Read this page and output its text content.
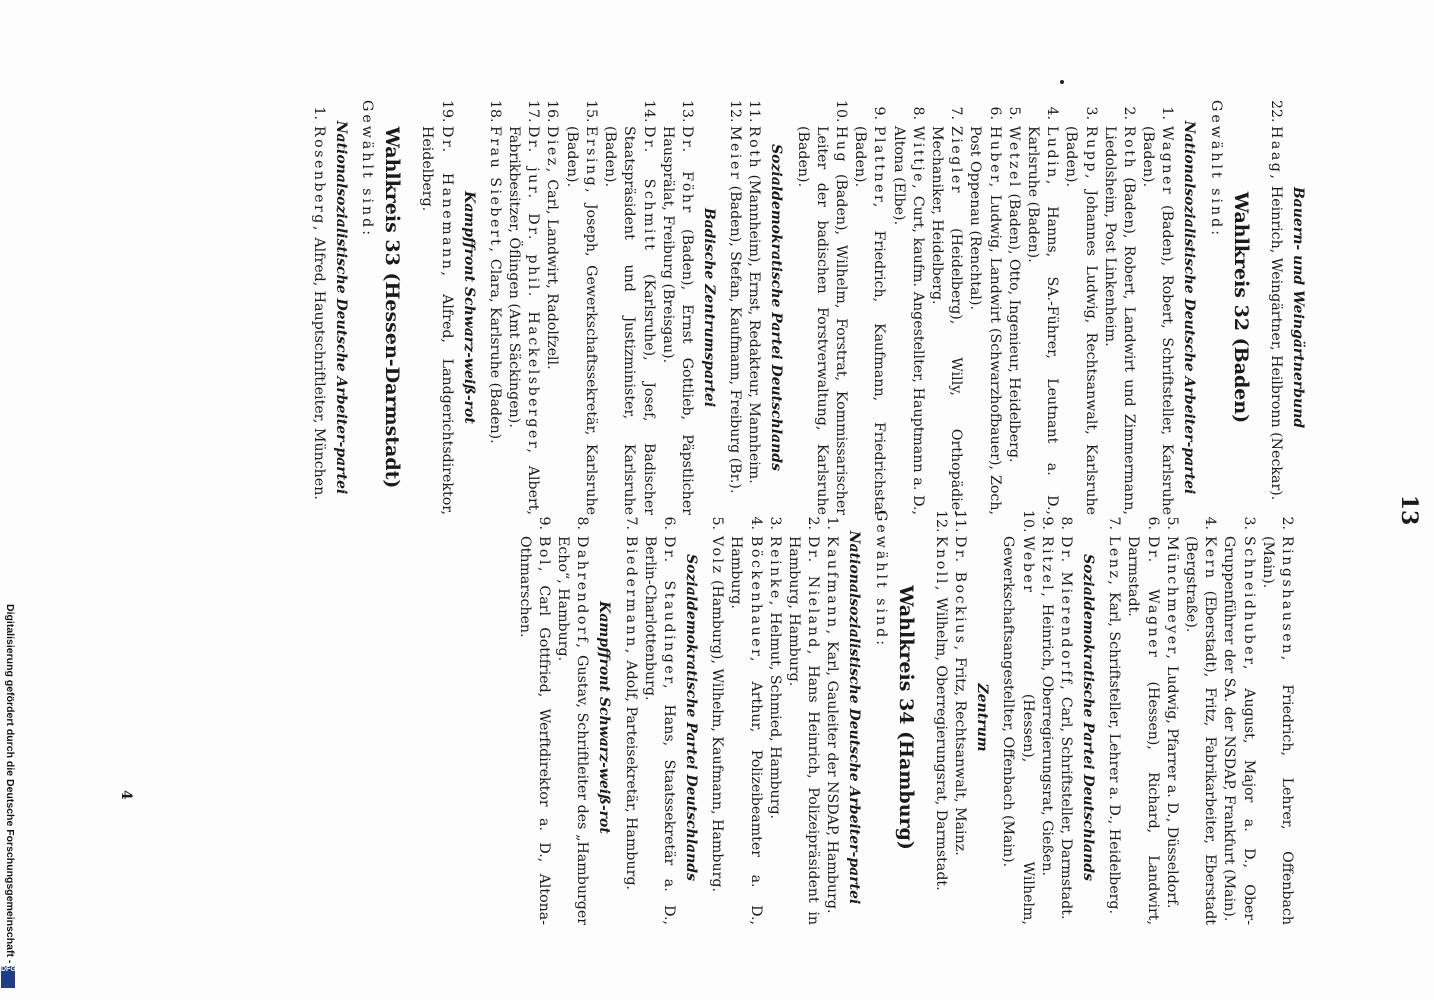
13
Bauern- und Weingärtnerbund
22.
Haag, Heinrich, Weingärtner, Heilbronn (Neckar).
Wahlkreis 32 (Baden)
Gewählt sind:
Nationalsozialistische Deutsche Arbeiter-partei
1.
Wagner (Baden), Robert, Schriftsteller, Karlsruhe (Baden).
2.
Roth (Baden), Robert, Landwirt und Zimmermann, Liedolsheim, Post Linkenheim.
3.
Rupp, Johannes Ludwig, Rechtsanwalt, Karlsruhe (Baden).
4.
Ludin, Hanns, SA.-Führer, Leutnant a. D., Karlsruhe (Baden).
5.
Wetzel (Baden), Otto, Ingenieur, Heidelberg.
6.
Huber, Ludwig, Landwirt (Schwarzhofbauer), Zoch, Post Oppenau (Renchtal).
7.
Ziegler (Heidelberg), Willy, Orthopädie-Mechaniker, Heidelberg.
8.
Wittje, Curt, kaufm. Angestellter, Hauptmann a. D., Altona (Elbe).
9.
Plattner, Friedrich, Kaufmann, Friedrichstal (Baden).
10.
Hug (Baden), Wilhelm, Forstrat, Kommissarischer Leiter der badischen Forstverwaltung, Karlsruhe (Baden).
Sozialdemokratische Partei Deutschlands
11.
Roth (Mannheim), Ernst, Redakteur, Mannheim.
12.
Meier (Baden), Stefan, Kaufmann, Freiburg (Br.).
Badische Zentrumspartei
13.
Dr. Föhr (Baden), Ernst Gottlieb, Päpstlicher Hausprälat, Freiburg (Breisgau).
14.
Dr. Schmitt (Karlsruhe), Josef, Badischer Staatspräsident und Justizminister, Karlsruhe (Baden).
15.
Ersing, Joseph, Gewerkschaftssekretär, Karlsruhe (Baden).
16.
Diez, Carl, Landwirt, Radolfzell.
17.
Dr. jur. Dr. phil. Hackelsberger, Albert, Fabrikbesitzer, Öflingen (Amt Säckingen).
18.
Frau Siebert, Clara, Karlsruhe (Baden).
Kampffront Schwarz-weiß-rot
19.
Dr. Hanemann, Alfred, Landgerichtsdirektor, Heidelberg.
Wahlkreis 33 (Hessen-Darmstadt)
Gewählt sind:
Nationalsozialistische Deutsche Arbeiter-partei
1.
Rosenberg, Alfred, Hauptschriftleiter, München.
2.
Ringshausen, Friedrich, Lehrer, Offenbach (Main).
3.
Schneidhuber, August, Major a. D., Ober-Gruppenführer der SA. der NSDAP, Frankfurt (Main).
4.
Kern (Eberstadt), Fritz, Fabrikarbeiter, Eberstadt (Bergstraße).
5.
Münchmeyer, Ludwig, Pfarrer a. D., Düsseldorf.
6.
Dr. Wagner (Hessen), Richard, Landwirt, Darmstadt.
7.
Lenz, Karl, Schriftsteller, Lehrer a. D., Heidelberg.
Sozialdemokratische Partei Deutschlands
8.
Dr. Mierendorff, Carl, Schriftsteller, Darmstadt.
9.
Ritzel, Heinrich, Oberregierungsrat, Gießen.
10.
Weber (Hessen), Wilhelm, Gewerkschaftsangestellter, Offenbach (Main).
Zentrum
11.
Dr. Bockius, Fritz, Rechtsanwalt, Mainz.
12.
Knoll, Wilhelm, Oberregierungsrat, Darmstadt.
Wahlkreis 34 (Hamburg)
Gewählt sind:
Nationalsozialistische Deutsche Arbeiter-partei
1.
Kaufmann, Karl, Gauleiter der NSDAP, Hamburg.
2.
Dr. Nieland, Hans Heinrich, Polizeipräsident in Hamburg, Hamburg.
3.
Reinke, Helmut, Schmied, Hamburg.
4.
Böckenhauer, Arthur, Polizeibeamter a. D., Hamburg.
5.
Volz (Hamburg), Wilhelm, Kaufmann, Hamburg.
Sozialdemokratische Partei Deutschlands
6.
Dr. Staudinger, Hans, Staatssekretär a. D., Berlin-Charlottenburg.
7.
Biedermann, Adolf, Parteisekretär, Hamburg.
Kampffront Schwarz-weiß-rot
8.
Dahrendorf, Gustav, Schriftleiter des „Hamburger Echo“, Hamburg.
9.
Bol, Carl Gottfried, Werftdirektor a. D., Altona-Othmarschen.
4
Digitalisierung gefördert durch die Deutsche Forschungsgemeinschaft -
DFG
